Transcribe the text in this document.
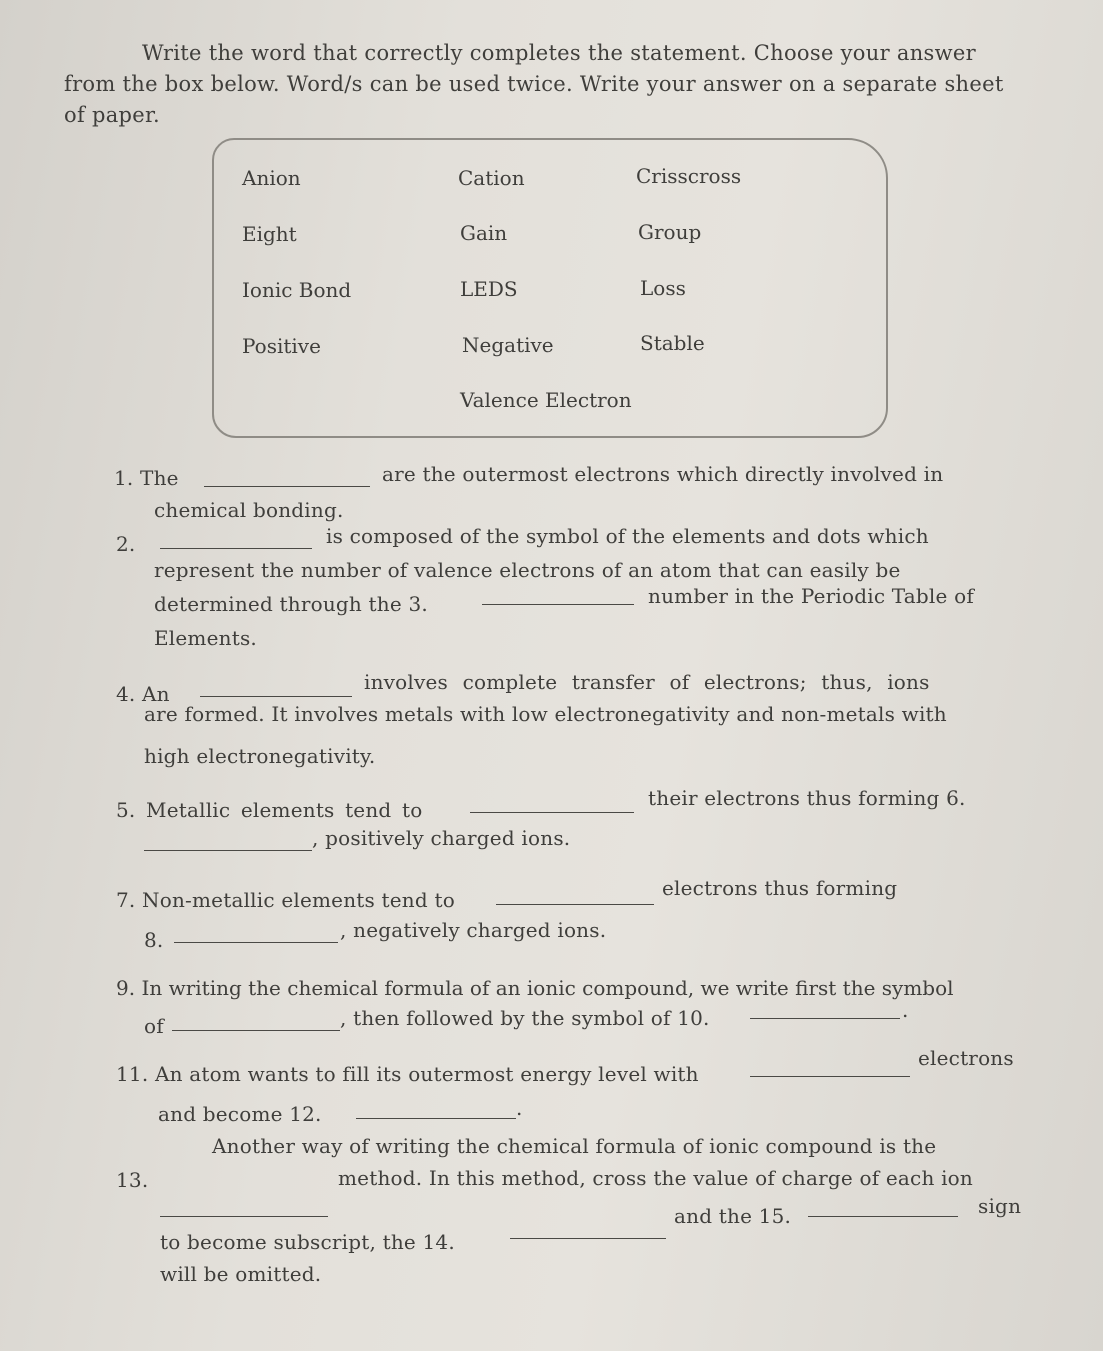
Write the word that correctly completes the statement. Choose your answer from the box below. Word/s can be used twice. Write your answer on a separate sheet of paper.
Anion	Cation	Crisscross
Eight	Gain	Group
Ionic Bond	LEDS	Loss
Positive	Negative	Stable
Valence Electron
1. The	are the outermost electrons which directly involved in
chemical bonding.
2.	is composed of the symbol of the elements and dots which
represent the number of valence electrons of an atom that can easily be
determined through the 3.	number in the Periodic Table of
Elements.
4. An	involves complete transfer of electrons; thus, ions
are formed. It involves metals with low electronegativity and non-metals with
high electronegativity.
5. Metallic elements tend to	their electrons thus forming 6.
, positively charged ions.
7. Non-metallic elements tend to	electrons thus forming
8.	, negatively charged ions.
9. In writing the chemical formula of an ionic compound, we write first the symbol
of	, then followed by the symbol of 10.	.
11. An atom wants to fill its outermost energy level with
electrons
and become 12.	.
13.
Another way of writing the chemical formula of ionic compound is the
method. In this method, cross the value of charge of each ion
to become subscript, the 14.
and the 15.	sign
will be omitted.
